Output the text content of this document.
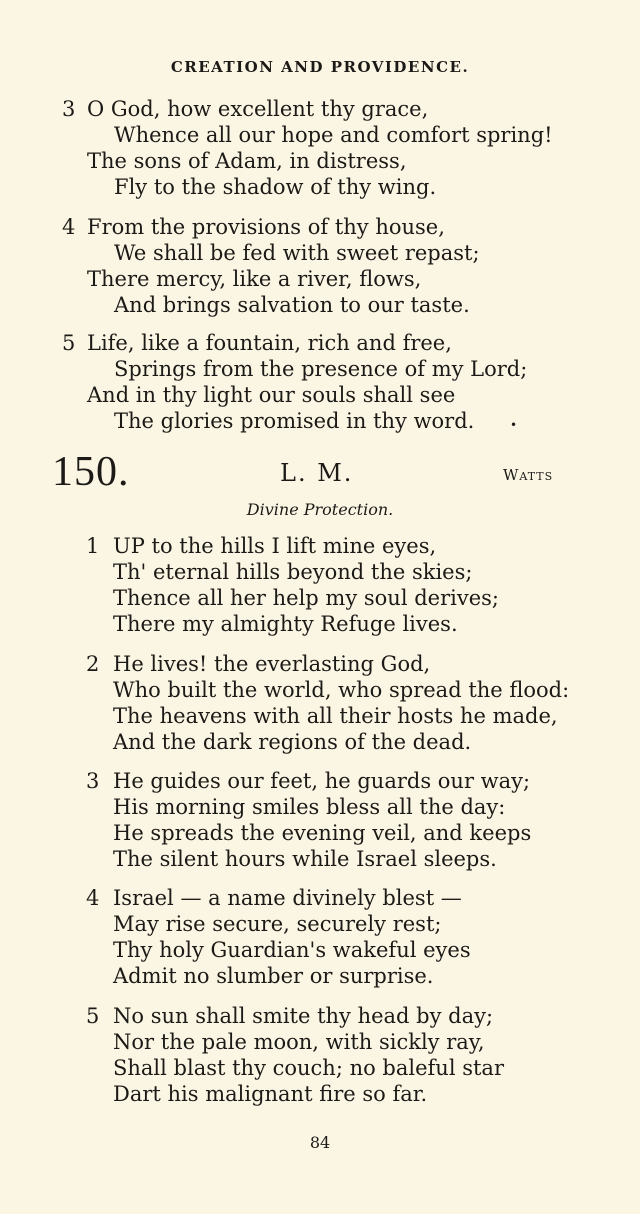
CREATION AND PROVIDENCE.
3 O God, how excellent thy grace,
Whence all our hope and comfort spring!
The sons of Adam, in distress,
Fly to the shadow of thy wing.
4 From the provisions of thy house,
We shall be fed with sweet repast;
There mercy, like a river, flows,
And brings salvation to our taste.
5 Life, like a fountain, rich and free,
Springs from the presence of my Lord;
And in thy light our souls shall see
The glories promised in thy word.	•
150.	L. M.	Watts
Divine Protection.
1 UP to the hills I lift mine eyes,
Th' eternal hills beyond the skies;
Thence all her help my soul derives;
There my almighty Refuge lives.
2 He lives! the everlasting God,
Who built the world, who spread the flood:
The heavens with all their hosts he made,
And the dark regions of the dead.
3 He guides our feet, he guards our way;
His morning smiles bless all the day:
He spreads the evening veil, and keeps
The silent hours while Israel sleeps.
4 Israel — a name divinely blest —
May rise secure, securely rest;
Thy holy Guardian's wakeful eyes
Admit no slumber or surprise.
5 No sun shall smite thy head by day;
Nor the pale moon, with sickly ray,
Shall blast thy couch; no baleful star
Dart his malignant fire so far.
84
